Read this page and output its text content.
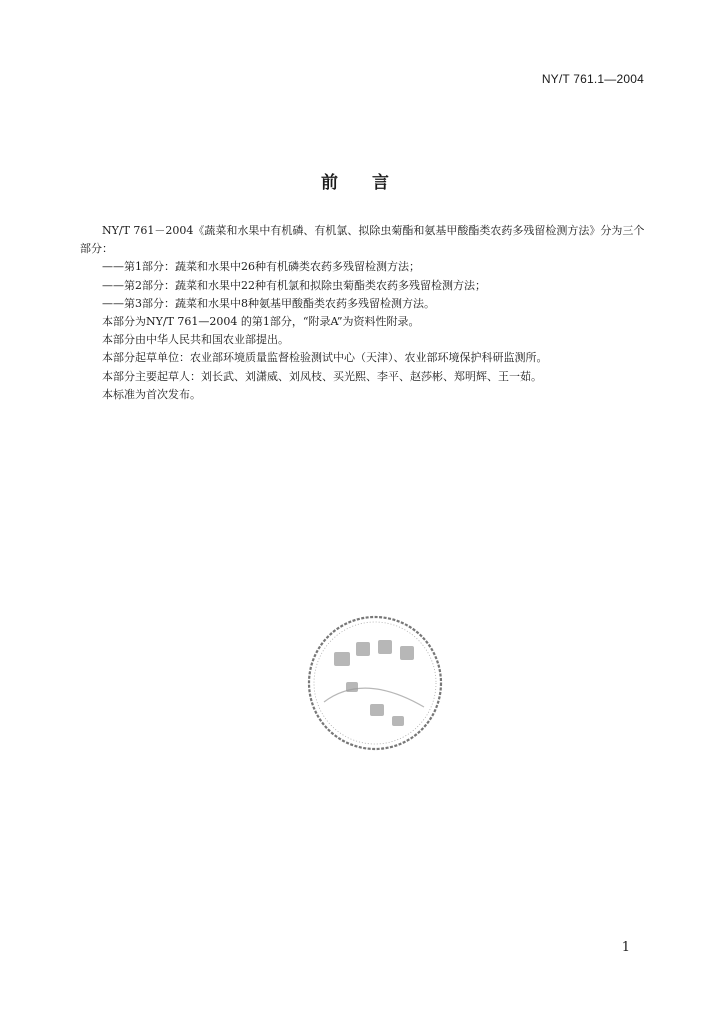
NY/T 761.1—2004
前言

NY/T 761－2004《蔬菜和水果中有机磷、有机氯、拟除虫菊酯和氨基甲酸酯类农药多残留检测方法》分为三个部分：

——第1部分：蔬菜和水果中26种有机磷类农药多残留检测方法；

——第2部分：蔬菜和水果中22种有机氯和拟除虫菊酯类农药多残留检测方法；

——第3部分：蔬菜和水果中8种氨基甲酸酯类农药多残留检测方法。

本部分为NY/T 761—2004 的第1部分，“附录A”为资料性附录。

本部分由中华人民共和国农业部提出。

本部分起草单位：农业部环境质量监督检验测试中心（天津）、农业部环境保护科研监测所。

本部分主要起草人：刘长武、刘潇威、刘凤枝、买光熙、李平、赵莎彬、郑明辉、王一茹。

本标准为首次发布。

1
